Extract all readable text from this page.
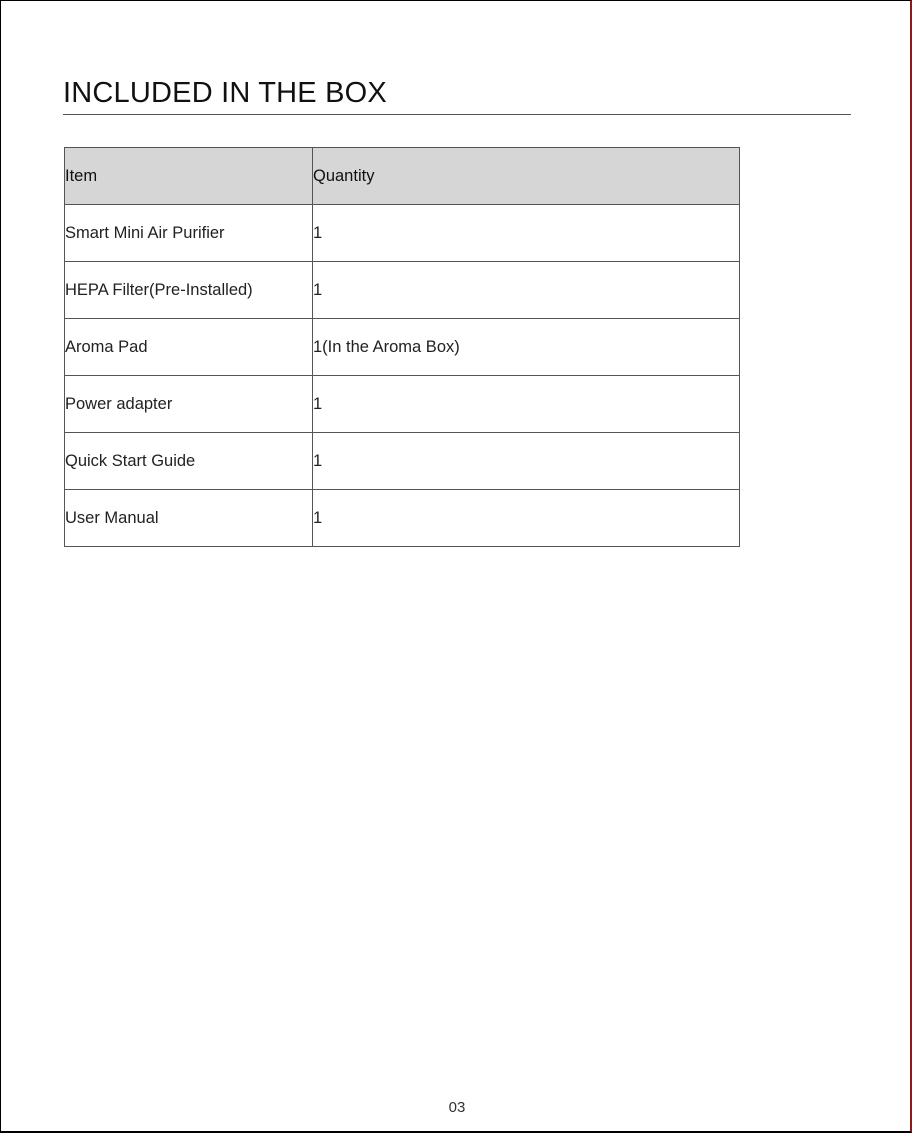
INCLUDED IN THE BOX
Item	Quantity
Smart Mini Air Purifier	1
HEPA Filter(Pre-Installed)	1
Aroma Pad	1(In the Aroma Box)
Power adapter	1
Quick Start Guide	1
User Manual	1
03
